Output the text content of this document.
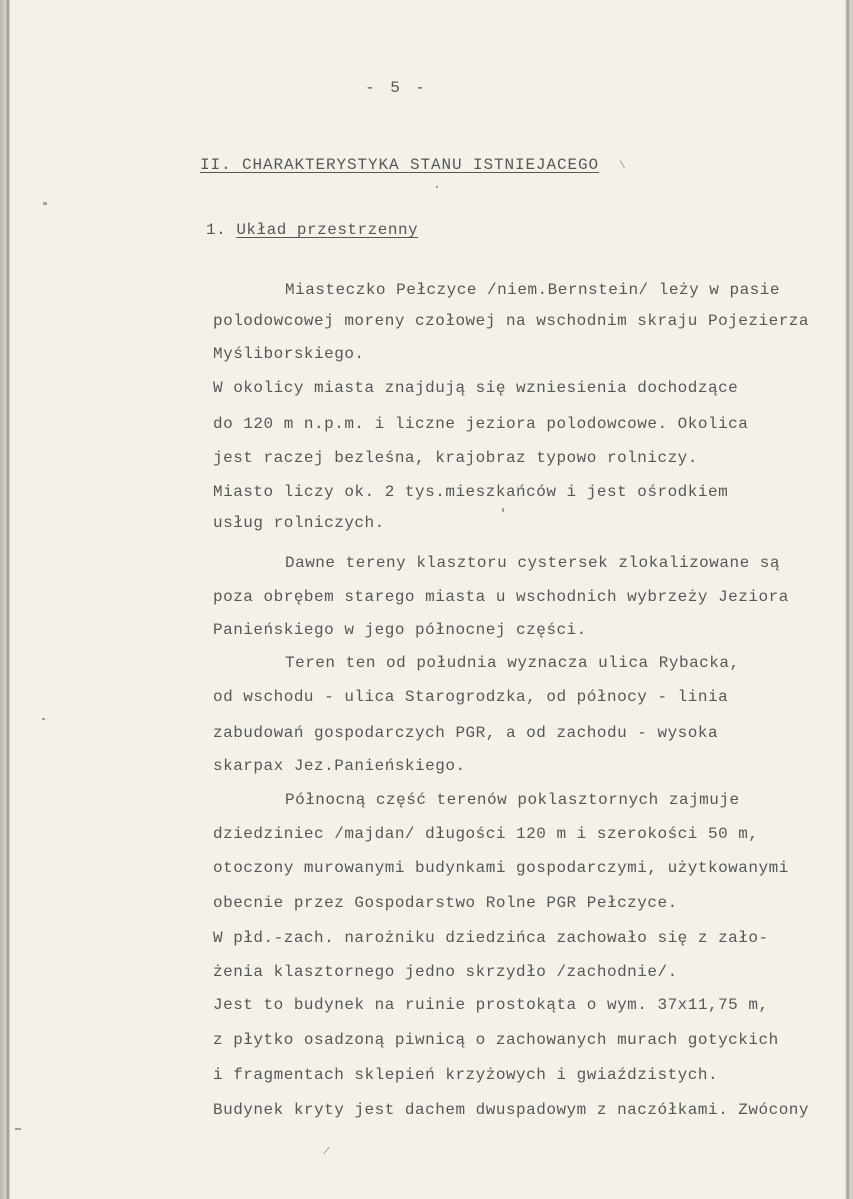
- 5 -
II. CHARAKTERYSTYKA STANU ISTNIEJACEGO
1. Układ przestrzenny
Miasteczko Pełczyce /niem.Bernstein/ leży w pasie
polodowcowej moreny czołowej na wschodnim skraju Pojezierza
Myśliborskiego.
W okolicy miasta znajdują się wzniesienia dochodzące
do 120 m n.p.m. i liczne jeziora polodowcowe. Okolica
jest raczej bezleśna, krajobraz typowo rolniczy.
Miasto liczy ok. 2 tys.mieszkańców i jest ośrodkiem
usług rolniczych.
Dawne tereny klasztoru cystersek zlokalizowane są
poza obrębem starego miasta u wschodnich wybrzeży Jeziora
Panieńskiego w jego północnej części.
Teren ten od południa wyznacza ulica Rybacka,
od wschodu - ulica Starogrodzka, od północy - linia
zabudowań gospodarczych PGR, a od zachodu - wysoka
skarpax Jez.Panieńskiego.
Północną część terenów poklasztornych zajmuje
dziedziniec /majdan/ długości 120 m i szerokości 50 m,
otoczony murowanymi budynkami gospodarczymi, użytkowanymi
obecnie przez Gospodarstwo Rolne PGR Pełczyce.
W płd.-zach. narożniku dziedzińca zachowało się z zało-
żenia klasztornego jedno skrzydło /zachodnie/.
Jest to budynek na ruinie prostokąta o wym. 37x11,75 m,
z płytko osadzoną piwnicą o zachowanych murach gotyckich
i fragmentach sklepień krzyżowych i gwiaździstych.
Budynek kryty jest dachem dwuspadowym z naczółkami. Zwócony
